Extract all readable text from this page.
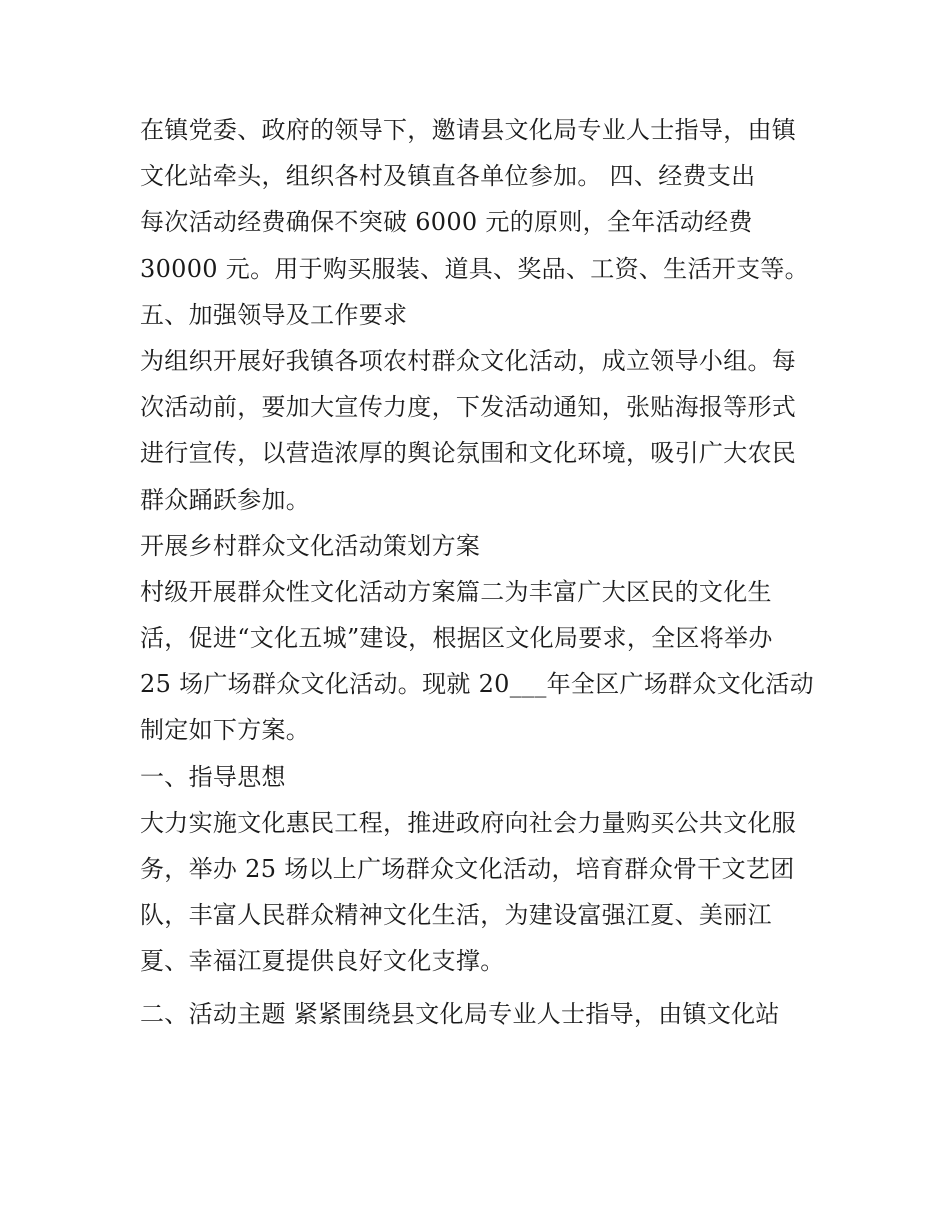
在镇党委、政府的领导下，邀请县文化局专业人士指导，由镇
文化站牵头，组织各村及镇直各单位参加。 四、经费支出
每次活动经费确保不突破 6000 元的原则，全年活动经费
30000 元。用于购买服装、道具、奖品、工资、生活开支等。
五、加强领导及工作要求
为组织开展好我镇各项农村群众文化活动，成立领导小组。每
次活动前，要加大宣传力度，下发活动通知，张贴海报等形式
进行宣传，以营造浓厚的舆论氛围和文化环境，吸引广大农民
群众踊跃参加。
开展乡村群众文化活动策划方案
村级开展群众性文化活动方案篇二为丰富广大区民的文化生
活，促进“文化五城”建设，根据区文化局要求，全区将举办
25 场广场群众文化活动。现就 20___年全区广场群众文化活动
制定如下方案。
一、指导思想
大力实施文化惠民工程，推进政府向社会力量购买公共文化服
务，举办 25 场以上广场群众文化活动，培育群众骨干文艺团
队，丰富人民群众精神文化生活，为建设富强江夏、美丽江
夏、幸福江夏提供良好文化支撑。
二、活动主题 紧紧围绕县文化局专业人士指导，由镇文化站
